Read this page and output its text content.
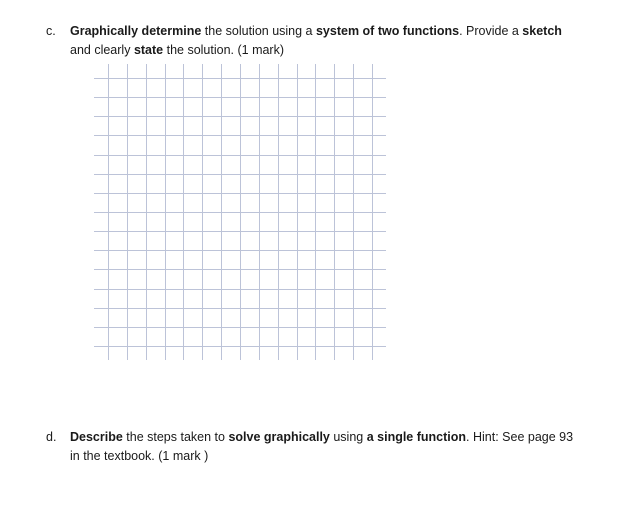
c. Graphically determine the solution using a system of two functions. Provide a sketch and clearly state the solution. (1 mark)
d. Describe the steps taken to solve graphically using a single function. Hint: See page 93 in the textbook. (1 mark )
